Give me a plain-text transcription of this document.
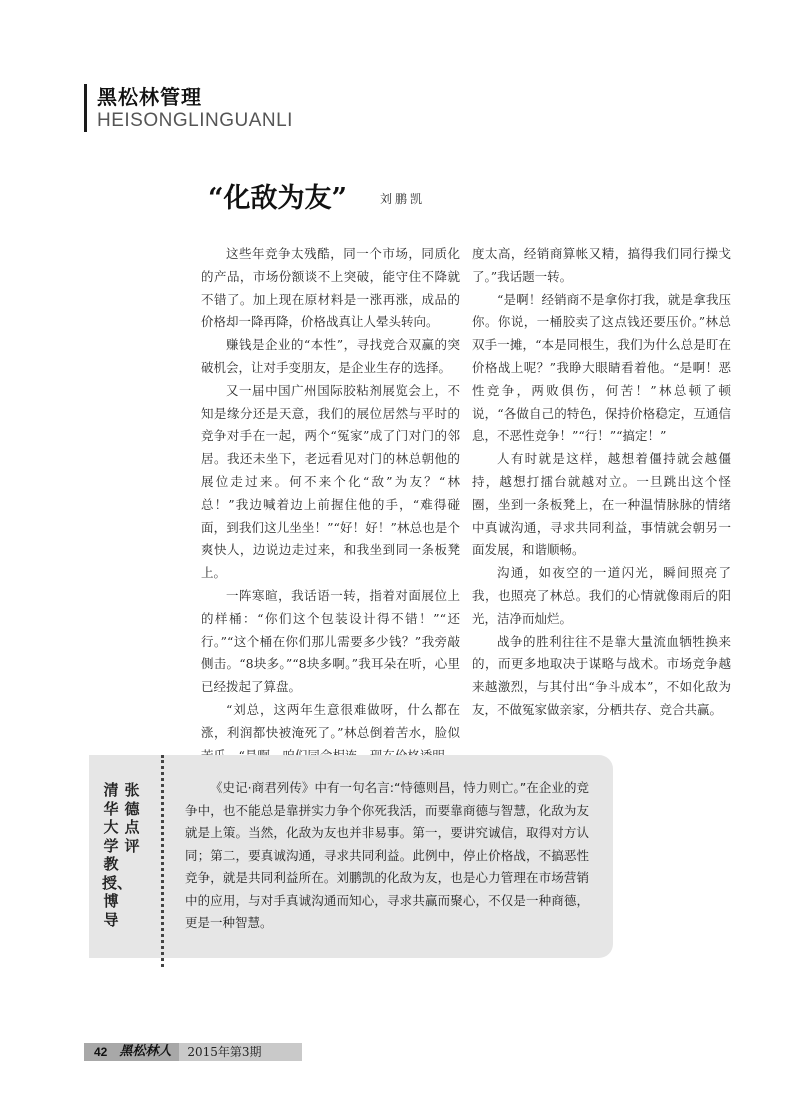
黑松林管理
HEISONGLINGUANLI
“化敌为友”	刘鹏凯

这些年竞争太残酷，同一个市场，同质化的产品，市场份额谈不上突破，能守住不降就不错了。加上现在原材料是一涨再涨，成品的价格却一降再降，价格战真让人晕头转向。

赚钱是企业的“本性”，寻找竞合双赢的突破机会，让对手变朋友，是企业生存的选择。

又一届中国广州国际胶粘剂展览会上，不知是缘分还是天意，我们的展位居然与平时的竞争对手在一起，两个“冤家”成了门对门的邻居。我还未坐下，老远看见对门的林总朝他的展位走过来。何不来个化“敌”为友？“林总！”我边喊着边上前握住他的手，“难得碰面，到我们这儿坐坐！”“好！好！”林总也是个爽快人，边说边走过来，和我坐到同一条板凳上。

一阵寒暄，我话语一转，指着对面展位上的样桶：“你们这个包装设计得不错！”“还行。”“这个桶在你们那儿需要多少钱？”我旁敲侧击。“8块多。”“8块多啊。”我耳朵在听，心里已经拨起了算盘。

“刘总，这两年生意很难做呀，什么都在涨，利润都快被淹死了。”林总倒着苦水，脸似

度太高，经销商算帐又精，搞得我们同行操戈了。”我话题一转。

“是啊！经销商不是拿你打我，就是拿我压你。你说，一桶胶卖了这点钱还要压价。”林总双手一摊，“本是同根生，我们为什么总是盯在价格战上呢？”我睁大眼睛看着他。“是啊！恶性竞争，两败俱伤，何苦！”林总顿了顿说，“各做自己的特色，保持价格稳定，互通信息，不恶性竞争！”“行！”“搞定！”

人有时就是这样，越想着僵持就会越僵持，越想打擂台就越对立。一旦跳出这个怪圈，坐到一条板凳上，在一种温情脉脉的情绪中真诚沟通，寻求共同利益，事情就会朝另一面发展，和谐顺畅。

沟通，如夜空的一道闪光，瞬间照亮了我，也照亮了林总。我们的心情就像雨后的阳光，洁净而灿烂。

战争的胜利往往不是靠大量流血牺牲换来的，而更多地取决于谋略与战术。市场竞争越来越激烈，与其付出“争斗成本”，不如化敌为友，不做冤家做亲家，分栖共存、竞合共赢。

清华大学教授、博导
张德点评

《史记·商君列传》中有一句名言:“恃德则昌，恃力则亡。”在企业的竞争中，也不能总是靠拼实力争个你死我活，而要靠商德与智慧，化敌为友就是上策。当然，化敌为友也并非易事。第一，要讲究诚信，取得对方认同；第二，要真诚沟通，寻求共同利益。此例中，停止价格战，不搞恶性竞争，就是共同利益所在。刘鹏凯的化敌为友，也是心力管理在市场营销中的应用，与对手真诚沟通而知心，寻求共赢而聚心，不仅是一种商德，更是一种智慧。

42 黑松林人	2015年第3期
